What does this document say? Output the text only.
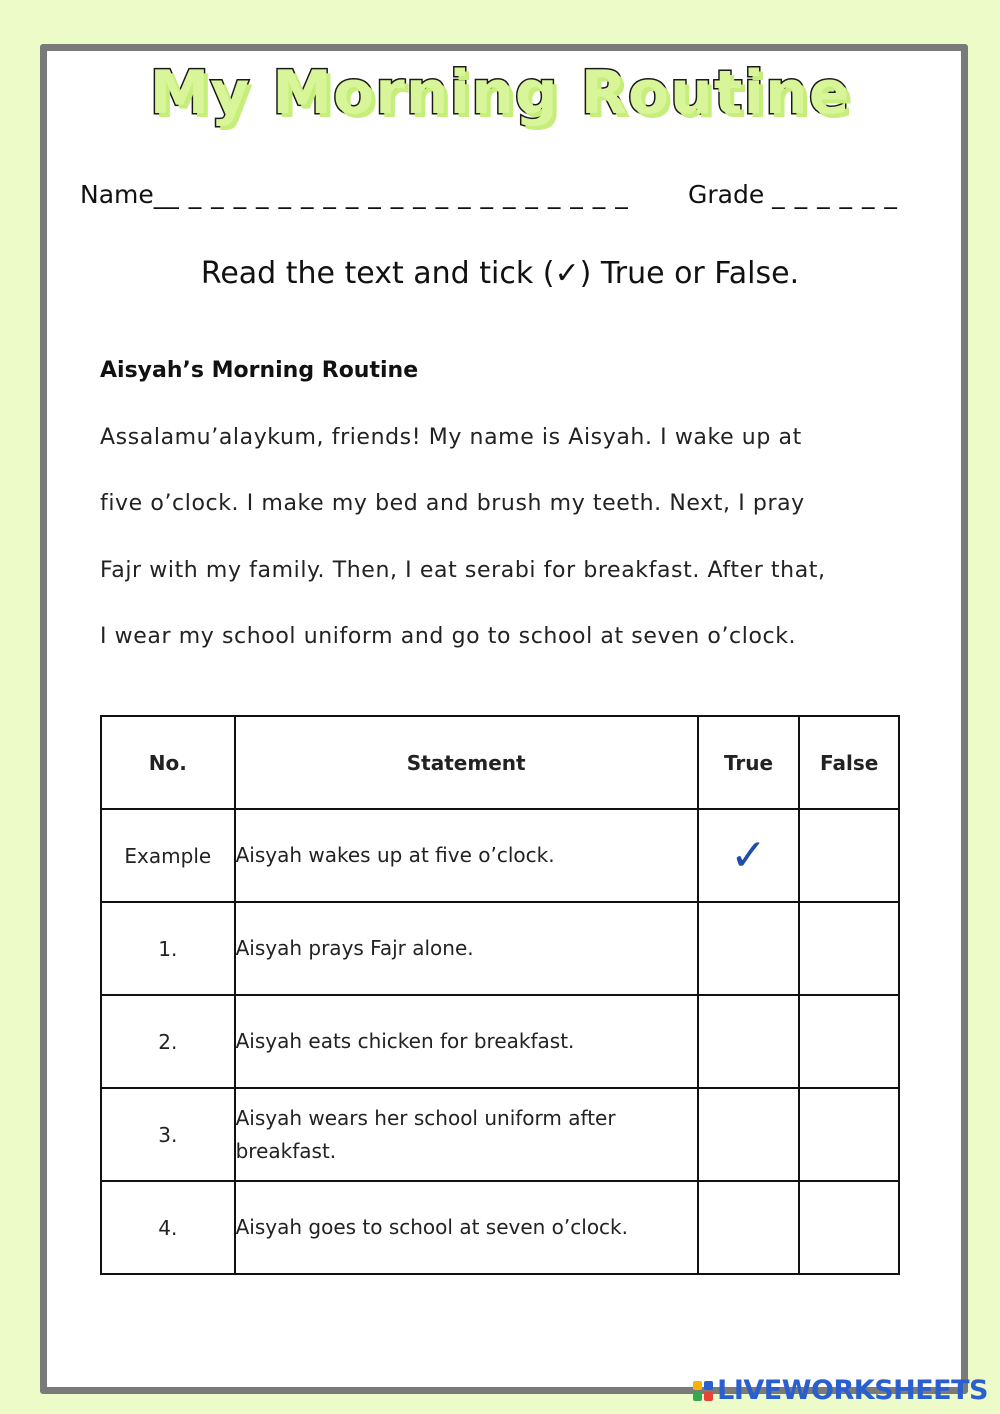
My Morning Routine
Name__ _ _ _ _ _ _ _ _ _ _ _ _ _ _ _ _ _ _ _ _ Grade _ _ _ _ _ _
Read the text and tick (✓) True or False.
Aisyah’s Morning Routine
Assalamu’alaykum, friends! My name is Aisyah. I wake up at
five o’clock. I make my bed and brush my teeth. Next, I pray
Fajr with my family. Then, I eat serabi for breakfast. After that,
I wear my school uniform and go to school at seven o’clock.
No.	Statement	True	False
Example	Aisyah wakes up at five o’clock.	✓	
1.	Aisyah prays Fajr alone.		
2.	Aisyah eats chicken for breakfast.		
3.	Aisyah wears her school uniform after breakfast.		
4.	Aisyah goes to school at seven o’clock.		
LIVEWORKSHEETS
